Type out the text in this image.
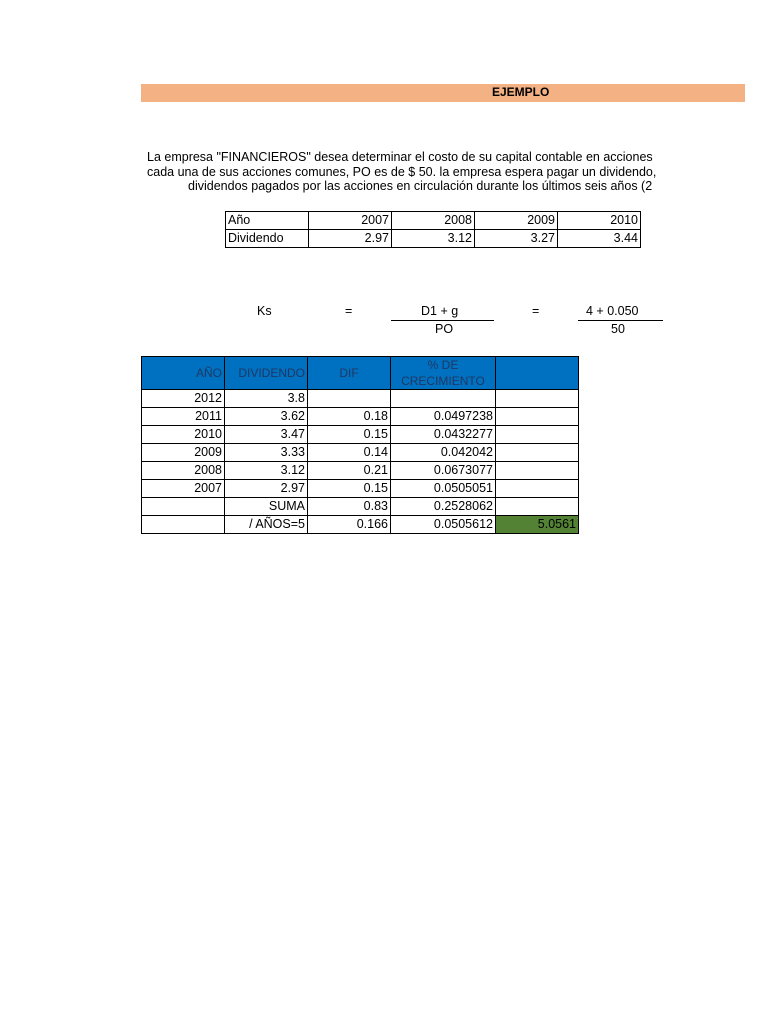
EJEMPLO
La empresa "FINANCIEROS" desea determinar el costo de su capital contable en acciones
cada una de sus acciones comunes, PO es de $ 50. la empresa espera pagar un dividendo,
dividendos pagados por las acciones en circulación durante los últimos seis años (2
Año	2007	2008	2009	2010
Dividendo	2.97	3.12	3.27	3.44
Ks	=	D1 + g
PO
=	4 + 0.050
50
AÑO	DIVIDENDO	DIF	% DE CRECIMIENTO	
2012	3.8			
2011	3.62	0.18	0.0497238	
2010	3.47	0.15	0.0432277	
2009	3.33	0.14	0.042042	
2008	3.12	0.21	0.0673077	
2007	2.97	0.15	0.0505051	
	SUMA	0.83	0.2528062	
	/ AÑOS=5	0.166	0.0505612	5.0561
